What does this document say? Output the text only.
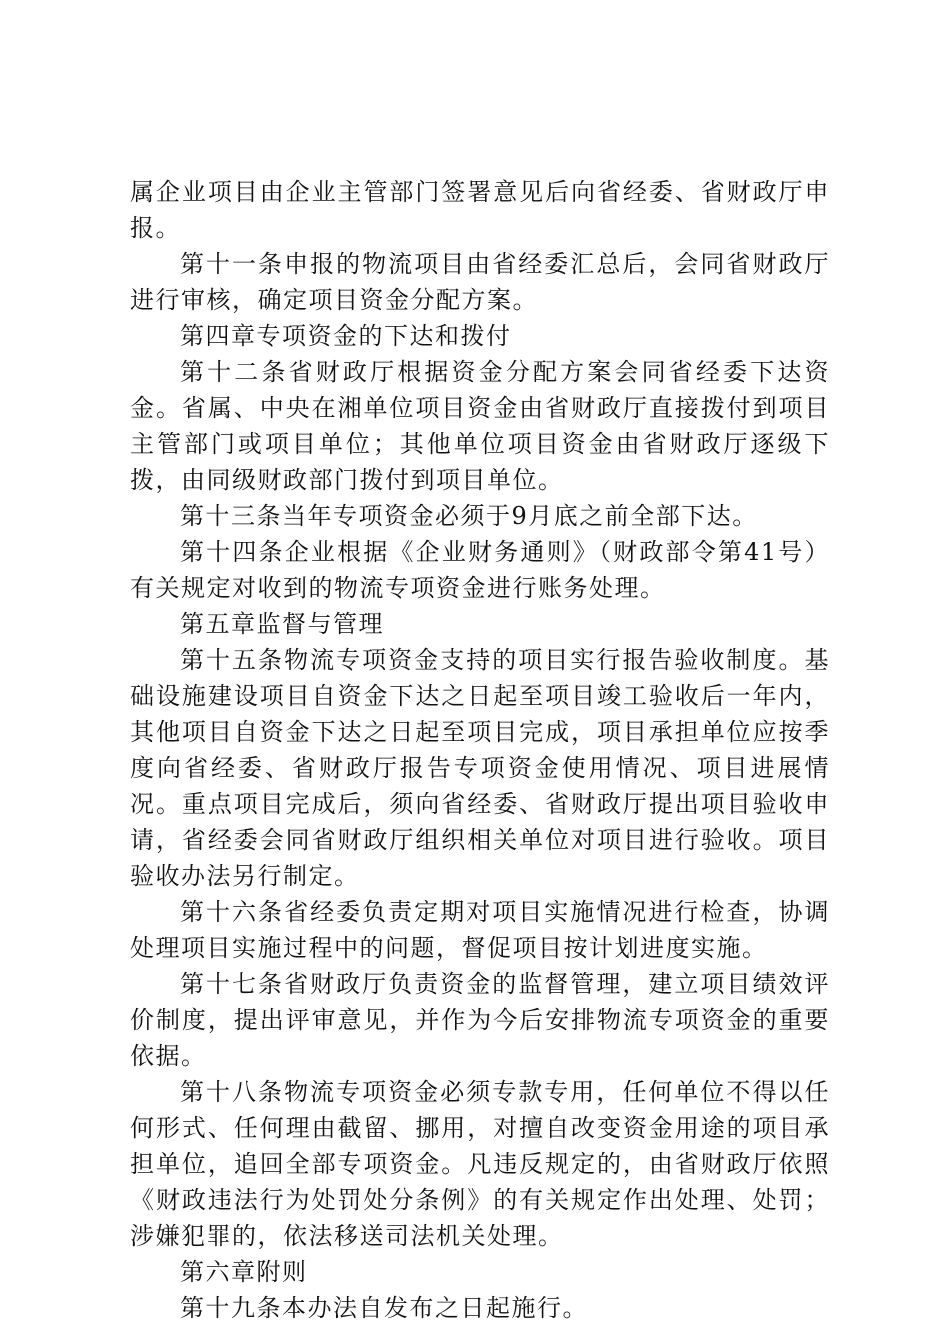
属企业项目由企业主管部门签署意见后向省经委、省财政厅申报。

第十一条申报的物流项目由省经委汇总后，会同省财政厅进行审核，确定项目资金分配方案。

第四章专项资金的下达和拨付

第十二条省财政厅根据资金分配方案会同省经委下达资金。省属、中央在湘单位项目资金由省财政厅直接拨付到项目主管部门或项目单位；其他单位项目资金由省财政厅逐级下拨，由同级财政部门拨付到项目单位。

第十三条当年专项资金必须于9月底之前全部下达。

第十四条企业根据《企业财务通则》（财政部令第41号）有关规定对收到的物流专项资金进行账务处理。

第五章监督与管理

第十五条物流专项资金支持的项目实行报告验收制度。基础设施建设项目自资金下达之日起至项目竣工验收后一年内，其他项目自资金下达之日起至项目完成，项目承担单位应按季度向省经委、省财政厅报告专项资金使用情况、项目进展情况。重点项目完成后，须向省经委、省财政厅提出项目验收申请，省经委会同省财政厅组织相关单位对项目进行验收。项目验收办法另行制定。

第十六条省经委负责定期对项目实施情况进行检查，协调处理项目实施过程中的问题，督促项目按计划进度实施。

第十七条省财政厅负责资金的监督管理，建立项目绩效评价制度，提出评审意见，并作为今后安排物流专项资金的重要依据。

第十八条物流专项资金必须专款专用，任何单位不得以任何形式、任何理由截留、挪用，对擅自改变资金用途的项目承担单位，追回全部专项资金。凡违反规定的，由省财政厅依照《财政违法行为处罚处分条例》的有关规定作出处理、处罚；涉嫌犯罪的，依法移送司法机关处理。

第六章附则

第十九条本办法自发布之日起施行。
